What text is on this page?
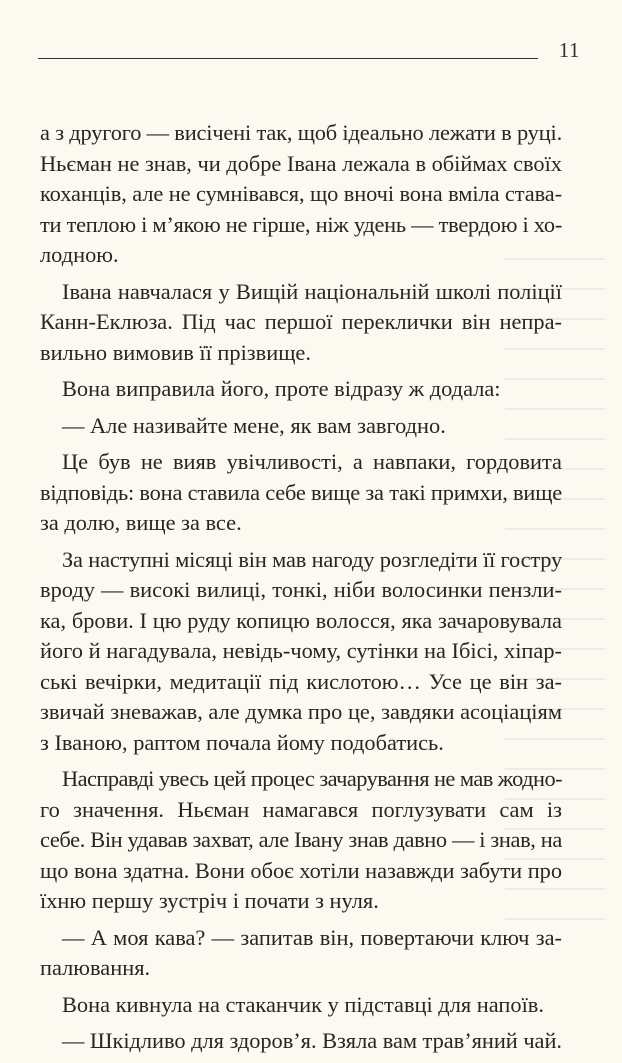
11

а з другого — висічені так, щоб ідеально лежати в руці.
Ньєман не знав, чи добре Івана лежала в обіймах своїх
коханців, але не сумнівався, що вночі вона вміла става-
ти теплою і м’якою не гірше, ніж удень — твердою і хо-
лодною.

Івана навчалася у Вищій національній школі поліції
Канн-Еклюза. Під час першої переклички він непра-
вильно вимовив її прізвище.

Вона виправила його, проте відразу ж додала:

— Але називайте мене, як вам завгодно.

Це був не вияв увічливості, а навпаки, гордовита
відповідь: вона ставила себе вище за такі примхи, вище
за долю, вище за все.

За наступні місяці він мав нагоду розгледіти її гостру
вроду — високі вилиці, тонкі, ніби волосинки пензли-
ка, брови. І цю руду копицю волосся, яка зачаровувала
його й нагадувала, невідь-чому, сутінки на Ібісі, хіпар-
ські вечірки, медитації під кислотою… Усе це він за-
звичай зневажав, але думка про це, завдяки асоціаціям
з Іваною, раптом почала йому подобатись.

Насправді увесь цей процес зачарування не мав жодно-
го значення. Ньєман намагався поглузувати сам із
себе. Він удавав захват, але Івану знав давно — і знав, на
що вона здатна. Вони обоє хотіли назавжди забути про
їхню першу зустріч і почати з нуля.

— А моя кава? — запитав він, повертаючи ключ за-
палювання.

Вона кивнула на стаканчик у підставці для напоїв.

— Шкідливо для здоров’я. Взяла вам трав’яний чай.
